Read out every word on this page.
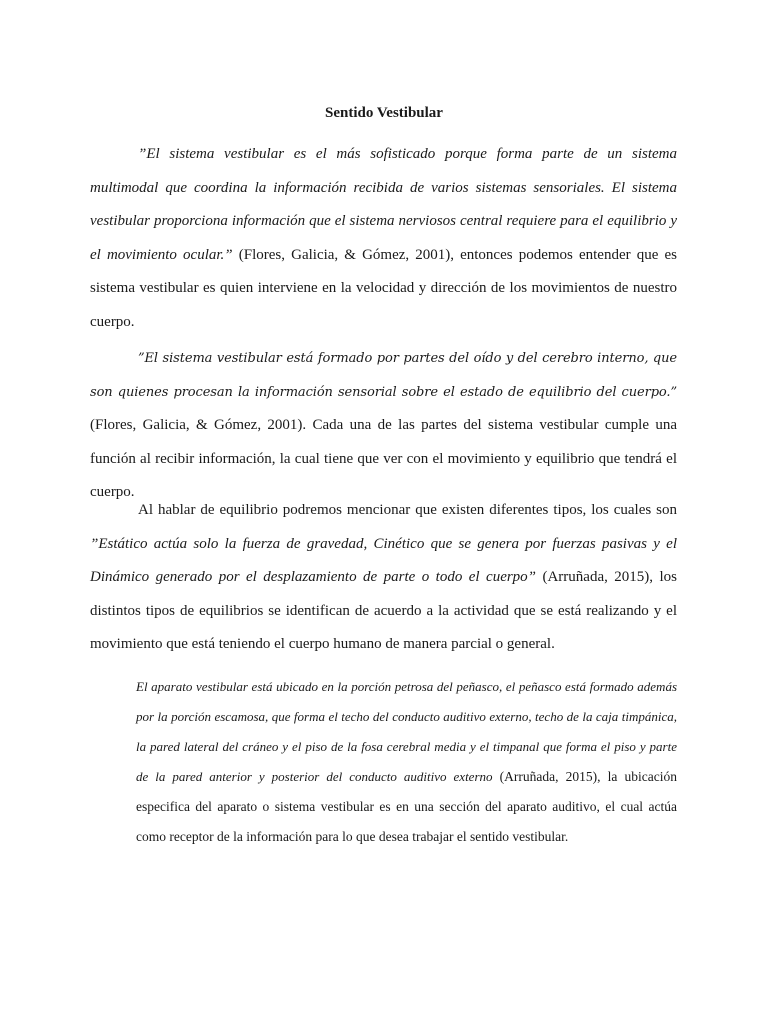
Sentido Vestibular

”El sistema vestibular es el más sofisticado porque forma parte de un sistema multimodal que coordina la información recibida de varios sistemas sensoriales. El sistema vestibular proporciona información que el sistema nerviosos central requiere para el equilibrio y el movimiento ocular.” (Flores, Galicia, & Gómez, 2001), entonces podemos entender que es sistema vestibular es quien interviene en la velocidad y dirección de los movimientos de nuestro cuerpo.

”El sistema vestibular está formado por partes del oído y del cerebro interno, que son quienes procesan la información sensorial sobre el estado de equilibrio del cuerpo.” (Flores, Galicia, & Gómez, 2001). Cada una de las partes del sistema vestibular cumple una función al recibir información, la cual tiene que ver con el movimiento y equilibrio que tendrá el cuerpo.

Al hablar de equilibrio podremos mencionar que existen diferentes tipos, los cuales son ”Estático actúa solo la fuerza de gravedad, Cinético que se genera por fuerzas pasivas y el Dinámico generado por el desplazamiento de parte o todo el cuerpo” (Arruñada, 2015), los distintos tipos de equilibrios se identifican de acuerdo a la actividad que se está realizando y el movimiento que está teniendo el cuerpo humano de manera parcial o general.

El aparato vestibular está ubicado en la porción petrosa del peñasco, el peñasco está formado además por la porción escamosa, que forma el techo del conducto auditivo externo, techo de la caja timpánica, la pared lateral del cráneo y el piso de la fosa cerebral media y el timpanal que forma el piso y parte de la pared anterior y posterior del conducto auditivo externo (Arruñada, 2015), la ubicación especifica del aparato o sistema vestibular es en una sección del aparato auditivo, el cual actúa como receptor de la información para lo que desea trabajar el sentido vestibular.
